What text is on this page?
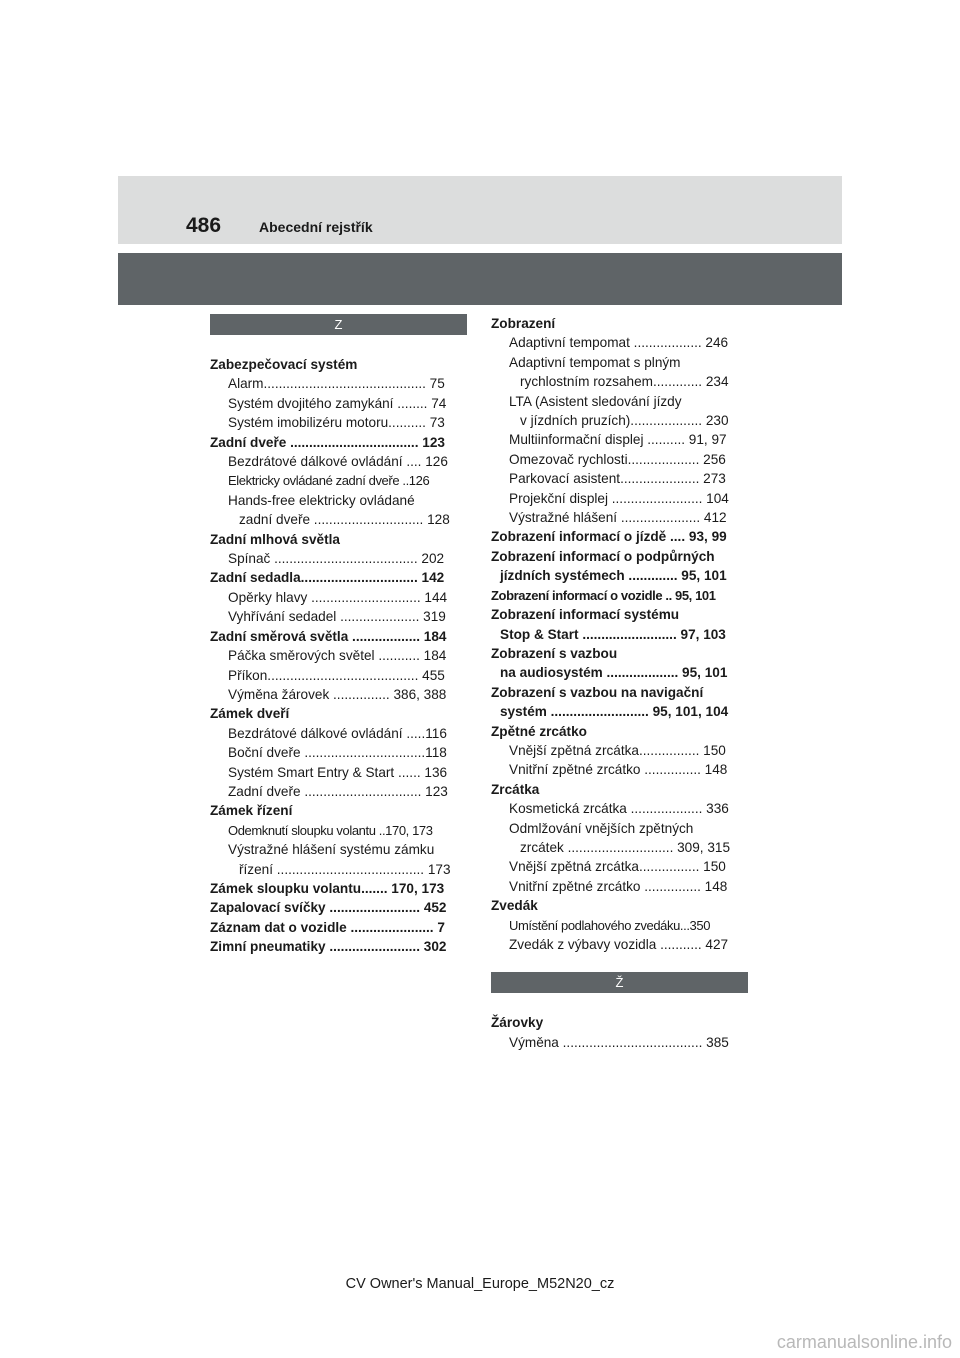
486	Abecední rejstřík
Z
Zabezpečovací systém
Alarm........................................... 75
Systém dvojitého zamykání ........ 74
Systém imobilizéru motoru.......... 73
Zadní dveře .................................. 123
Bezdrátové dálkové ovládání .... 126
Elektricky ovládané zadní dveře ..126
Hands-free elektricky ovládané
zadní dveře ............................. 128
Zadní mlhová světla
Spínač ...................................... 202
Zadní sedadla............................... 142
Opěrky hlavy ............................. 144
Vyhřívání sedadel ..................... 319
Zadní směrová světla .................. 184
Páčka směrových světel ........... 184
Příkon........................................ 455
Výměna žárovek ............... 386, 388
Zámek dveří
Bezdrátové dálkové ovládání .....116
Boční dveře ................................118
Systém Smart Entry & Start ...... 136
Zadní dveře ............................... 123
Zámek řízení
Odemknutí sloupku volantu ..170, 173
Výstražné hlášení systému zámku
řízení ....................................... 173
Zámek sloupku volantu....... 170, 173
Zapalovací svíčky ........................ 452
Záznam dat o vozidle ...................... 7
Zimní pneumatiky ........................ 302
Zobrazení
Adaptivní tempomat .................. 246
Adaptivní tempomat s plným
rychlostním rozsahem............. 234
LTA (Asistent sledování jízdy
v jízdních pruzích)................... 230
Multiinformační displej .......... 91, 97
Omezovač rychlosti................... 256
Parkovací asistent..................... 273
Projekční displej ........................ 104
Výstražné hlášení ..................... 412
Zobrazení informací o jízdě .... 93, 99
Zobrazení informací o podpůrných
jízdních systémech ............. 95, 101
Zobrazení informací o vozidle .. 95, 101
Zobrazení informací systému
Stop & Start ......................... 97, 103
Zobrazení s vazbou
na audiosystém ................... 95, 101
Zobrazení s vazbou na navigační
systém .......................... 95, 101, 104
Zpětné zrcátko
Vnější zpětná zrcátka................ 150
Vnitřní zpětné zrcátko ............... 148
Zrcátka
Kosmetická zrcátka ................... 336
Odmlžování vnějších zpětných
zrcátek ............................ 309, 315
Vnější zpětná zrcátka................ 150
Vnitřní zpětné zrcátko ............... 148
Zvedák
Umístění podlahového zvedáku...350
Zvedák z výbavy vozidla ........... 427
Ž
Žárovky
Výměna ..................................... 385
CV Owner's Manual_Europe_M52N20_cz
carmanualsonline.info
